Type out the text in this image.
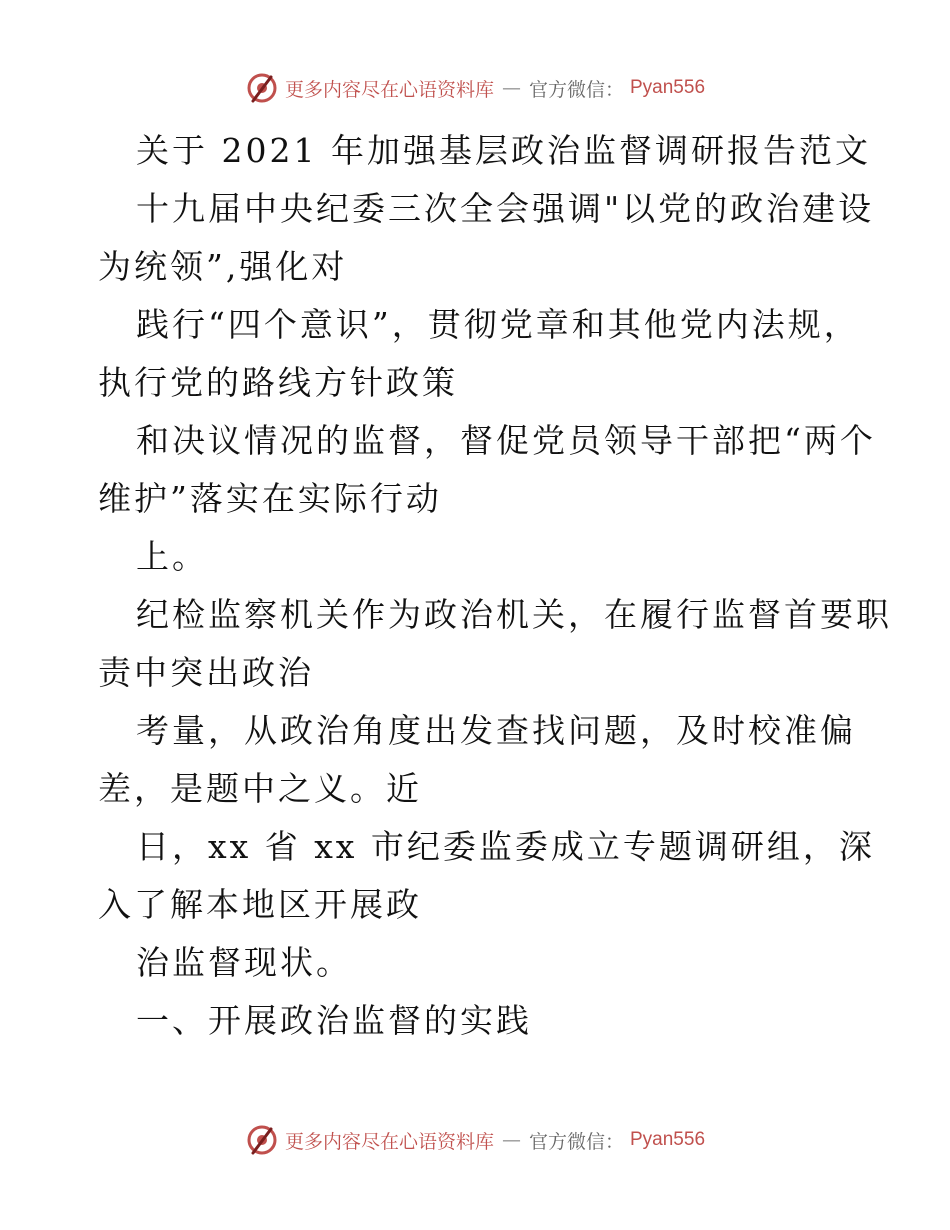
更多内容尽在心语资料库 — 官方微信： Pyan556
关于 2021 年加强基层政治监督调研报告范文
十九届中央纪委三次全会强调"以党的政治建设
为统领”,强化对
践行“四个意识”，贯彻党章和其他党内法规，
执行党的路线方针政策
和决议情况的监督，督促党员领导干部把“两个
维护”落实在实际行动
上。
纪检监察机关作为政治机关，在履行监督首要职
责中突出政治
考量，从政治角度出发查找问题，及时校准偏
差，是题中之义。近
日，xx 省 xx 市纪委监委成立专题调研组，深
入了解本地区开展政
治监督现状。
一、开展政治监督的实践
更多内容尽在心语资料库 — 官方微信： Pyan556
